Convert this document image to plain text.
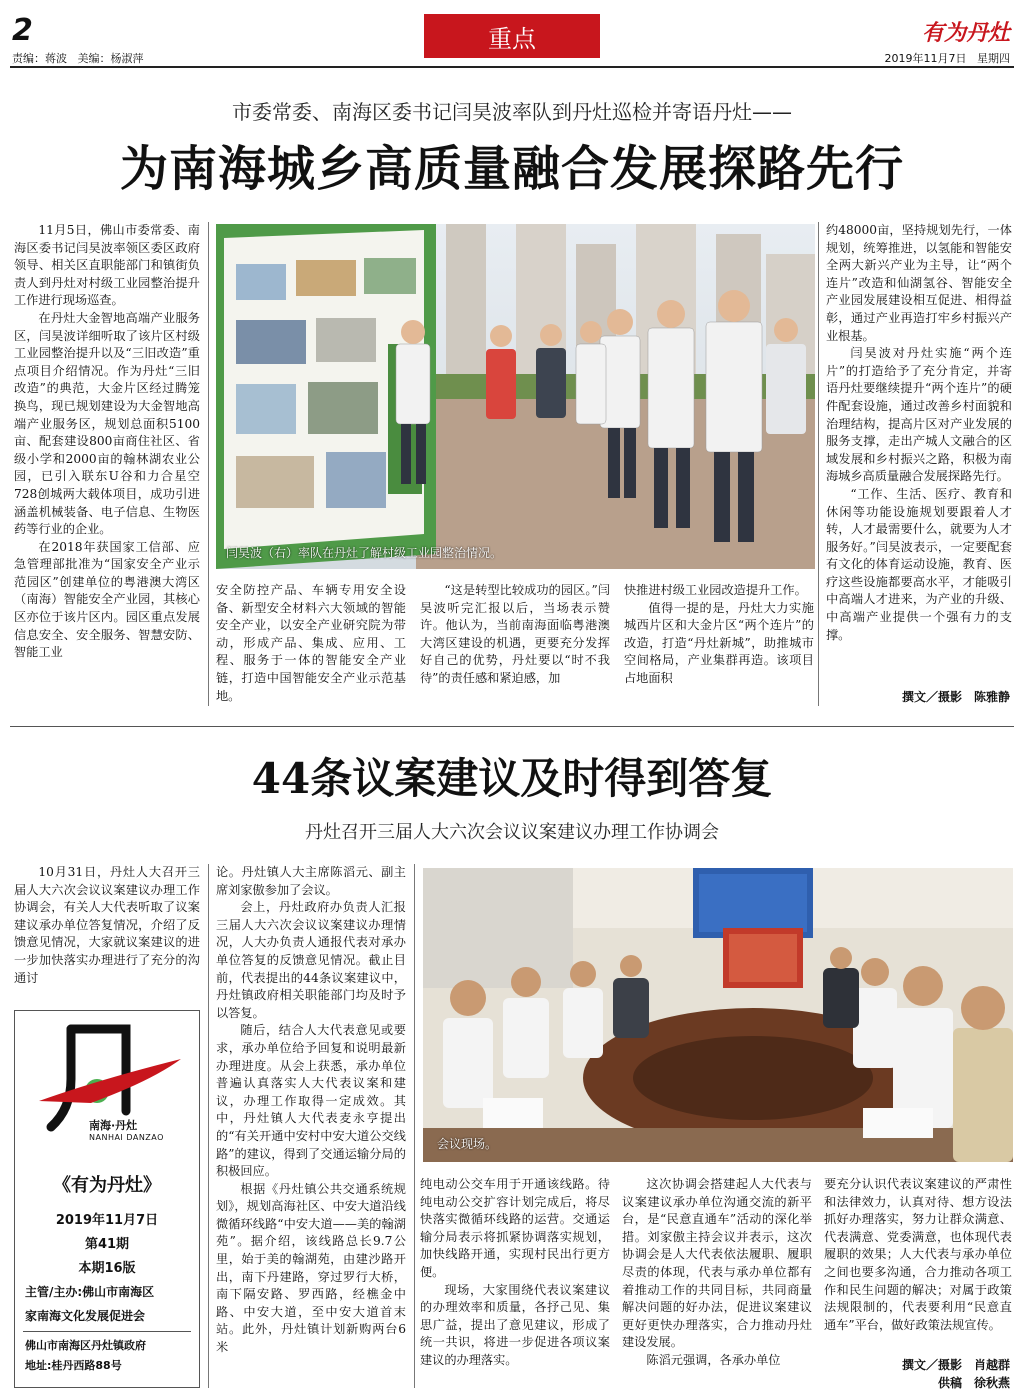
2
责编：蒋波   美编：杨淑萍
重点	有为丹灶
2019年11月7日   星期四
市委常委、南海区委书记闫昊波率队到丹灶巡检并寄语丹灶——
为南海城乡高质量融合发展探路先行
闫昊波（右）率队在丹灶了解村级工业园整治情况。

11月5日，佛山市委常委、南海区委书记闫昊波率领区委区政府领导、相关区直职能部门和镇街负责人到丹灶对村级工业园整治提升工作进行现场巡查。

在丹灶大金智地高端产业服务区，闫昊波详细听取了该片区村级工业园整治提升以及“三旧改造”重点项目介绍情况。作为丹灶“三旧改造”的典范，大金片区经过腾笼换鸟，现已规划建设为大金智地高端产业服务区，规划总面积5100亩、配套建设800亩商住社区、省级小学和2000亩的翰林湖农业公园，已引入联东U谷和力合星空728创城两大载体项目，成功引进涵盖机械装备、电子信息、生物医药等行业的企业。

在2018年获国家工信部、应急管理部批准为“国家安全产业示范园区”创建单位的粤港澳大湾区（南海）智能安全产业园，其核心区亦位于该片区内。园区重点发展信息安全、安全服务、智慧安防、智能工业

安全防控产品、车辆专用安全设备、新型安全材料六大领域的智能安全产业，以安全产业研究院为带动，形成产品、集成、应用、工程、服务于一体的智能安全产业链，打造中国智能安全产业示范基地。

“这是转型比较成功的园区。”闫昊波听完汇报以后，当场表示赞许。他认为，当前南海面临粤港澳大湾区建设的机遇，更要充分发挥好自己的优势，丹灶要以“时不我待”的责任感和紧迫感，加

快推进村级工业园改造提升工作。

值得一提的是，丹灶大力实施城西片区和大金片区“两个连片”的改造，打造“丹灶新城”，助推城市空间格局，产业集群再造。该项目占地面积

约48000亩，坚持规划先行，一体规划，统筹推进，以氢能和智能安全两大新兴产业为主导，让“两个连片”改造和仙湖氢谷、智能安全产业园发展建设相互促进、相得益彰，通过产业再造打牢乡村振兴产业根基。

闫昊波对丹灶实施“两个连片”的打造给予了充分肯定，并寄语丹灶要继续提升“两个连片”的硬件配套设施，通过改善乡村面貌和治理结构，提高片区对产业发展的服务支撑，走出产城人文融合的区域发展和乡村振兴之路，积极为南海城乡高质量融合发展探路先行。

“工作、生活、医疗、教育和休闲等功能设施规划要跟着人才转，人才最需要什么，就要为人才服务好。”闫昊波表示，一定要配套有文化的体育运动设施，教育、医疗这些设施都要高水平，才能吸引中高端人才进来，为产业的升级、中高端产业提供一个强有力的支撑。

撰文／摄影　陈雅静
44条议案建议及时得到答复
丹灶召开三届人大六次会议议案建议办理工作协调会
会议现场。

10月31日，丹灶人大召开三届人大六次会议议案建议办理工作协调会，有关人大代表听取了议案建议承办单位答复情况，介绍了反馈意见情况，大家就议案建议的进一步加快落实办理进行了充分的沟通讨

南海·丹灶
NANHAI DANZAO
《有为丹灶》
2019年11月7日
第41期
本期16版
主管/主办:佛山市南海区
家南海文化发展促进会
佛山市南海区丹灶镇政府
地址:桂丹西路88号

论。丹灶镇人大主席陈滔元、副主席刘家傲参加了会议。

会上，丹灶政府办负责人汇报三届人大六次会议议案建议办理情况，人大办负责人通报代表对承办单位答复的反馈意见情况。截止目前，代表提出的44条议案建议中，丹灶镇政府相关职能部门均及时予以答复。

随后，结合人大代表意见或要求，承办单位给予回复和说明最新办理进度。从会上获悉，承办单位普遍认真落实人大代表议案和建议，办理工作取得一定成效。其中，丹灶镇人大代表麦永亨提出的“有关开通中安村中安大道公交线路”的建议，得到了交通运输分局的积极回应。

根据《丹灶镇公共交通系统规划》，规划高海社区、中安大道沿线微循环线路“中安大道——美的翰湖苑”。据介绍，该线路总长9.7公里，始于美的翰湖苑，由建沙路开出，南下丹建路，穿过罗行大桥，南下隔安路、罗西路，经樵金中路、中安大道，至中安大道首末站。此外，丹灶镇计划新购两台6米

纯电动公交车用于开通该线路。待纯电动公交扩容计划完成后，将尽快落实微循环线路的运营。交通运输分局表示将抓紧协调落实规划，加快线路开通，实现村民出行更方便。

现场，大家围绕代表议案建议的办理效率和质量，各抒己见、集思广益，提出了意见建议，形成了统一共识，将进一步促进各项议案建议的办理落实。

这次协调会搭建起人大代表与议案建议承办单位沟通交流的新平台，是“民意直通车”活动的深化举措。刘家傲主持会议并表示，这次协调会是人大代表依法履职、履职尽责的体现，代表与承办单位都有着推动工作的共同目标，共同商量解决问题的好办法，促进议案建议更好更快办理落实，合力推动丹灶建设发展。

陈滔元强调，各承办单位

要充分认识代表议案建议的严肃性和法律效力，认真对待、想方设法抓好办理落实，努力让群众满意、代表满意、党委满意，也体现代表履职的效果；人大代表与承办单位之间也要多沟通，合力推动各项工作和民生问题的解决；对属于政策法规限制的，代表要利用“民意直通车”平台，做好政策法规宣传。

撰文／摄影　肖越群
供稿　徐秋燕
